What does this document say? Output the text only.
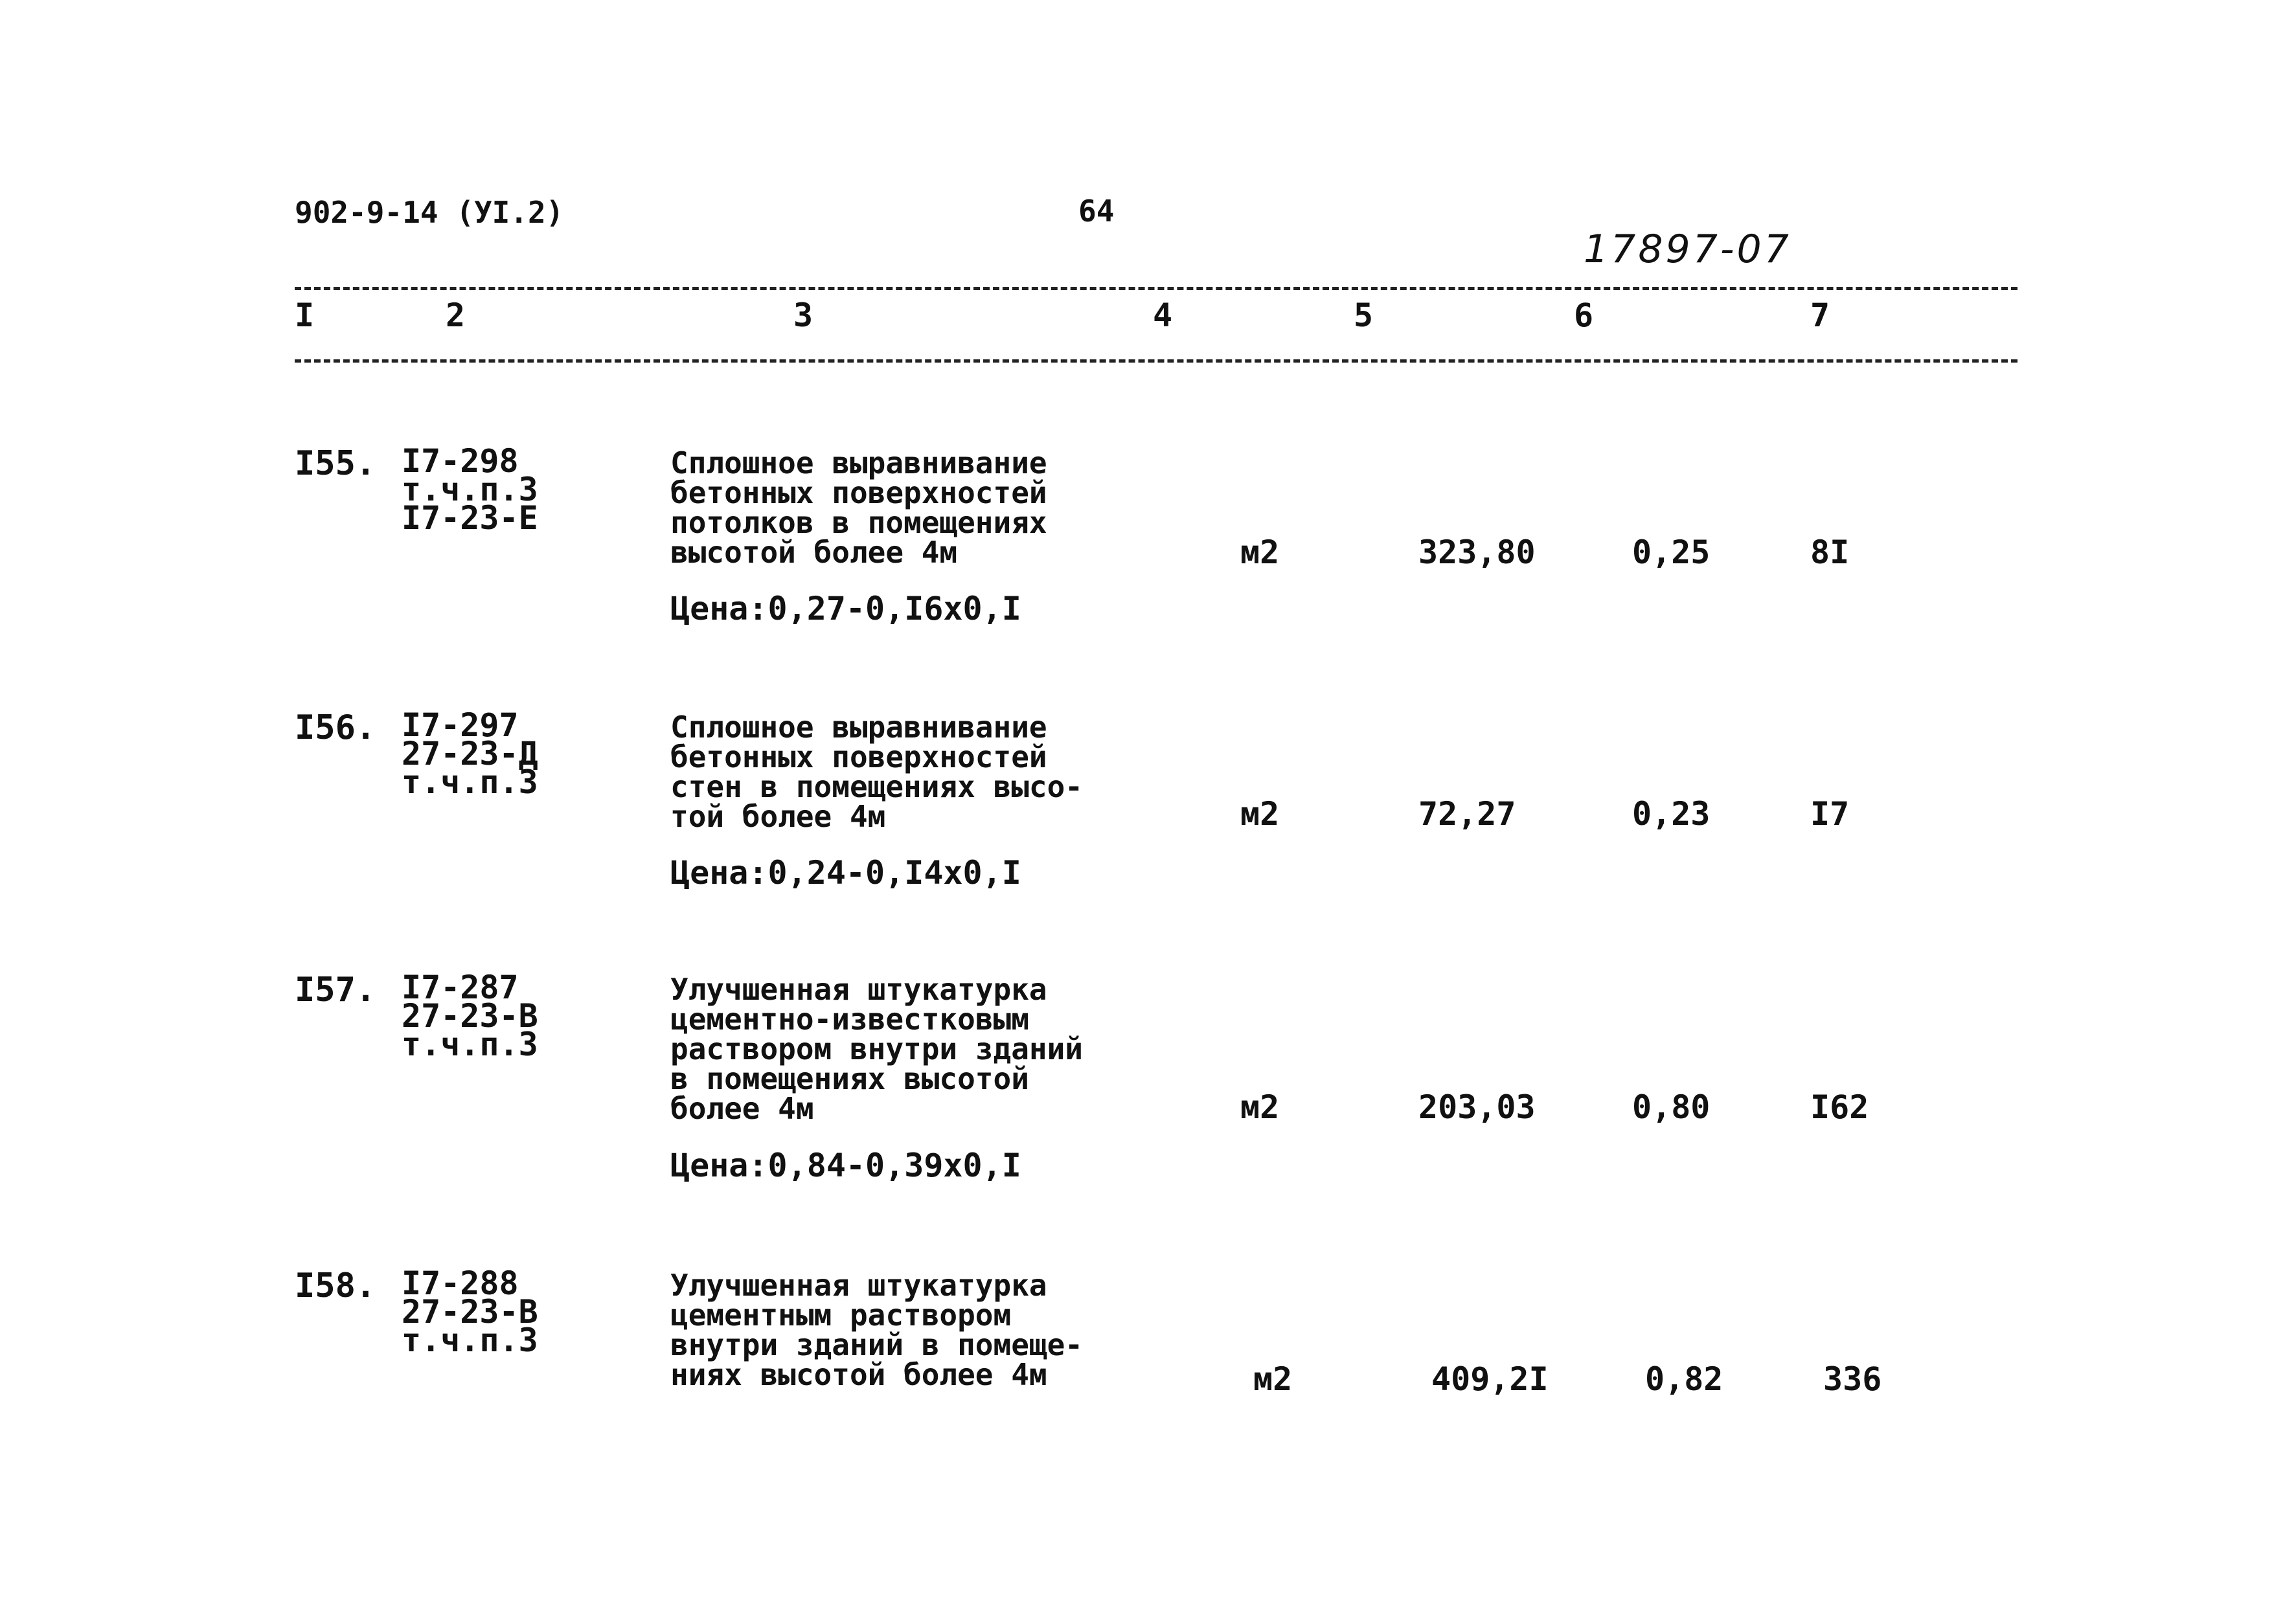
902-9-14 (УI.2)	64
17897-07
I	2	3	4	5	6	7
I55. I7-298
т.ч.п.3
I7-23-Е
Сплошное выравнивание
бетонных поверхностей
потолков в помещениях
высотой более 4м
Цена:0,27-0,I6х0,I
м2	323,80	0,25	8I
I56. I7-297
27-23-Д
т.ч.п.3
Сплошное выравнивание
бетонных поверхностей
стен в помещениях высо-
той более 4м
Цена:0,24-0,I4х0,I
м2	72,27	0,23	I7
I57. I7-287
27-23-В
т.ч.п.3
Улучшенная штукатурка
цементно-известковым
раствором внутри зданий
в помещениях высотой
более 4м
Цена:0,84-0,39х0,I
м2	203,03	0,80	I62
I58. I7-288
27-23-В
т.ч.п.3
Улучшенная штукатурка
цементным раствором
внутри зданий в помеще-
ниях высотой более 4м	м2	409,2I	0,82	336
